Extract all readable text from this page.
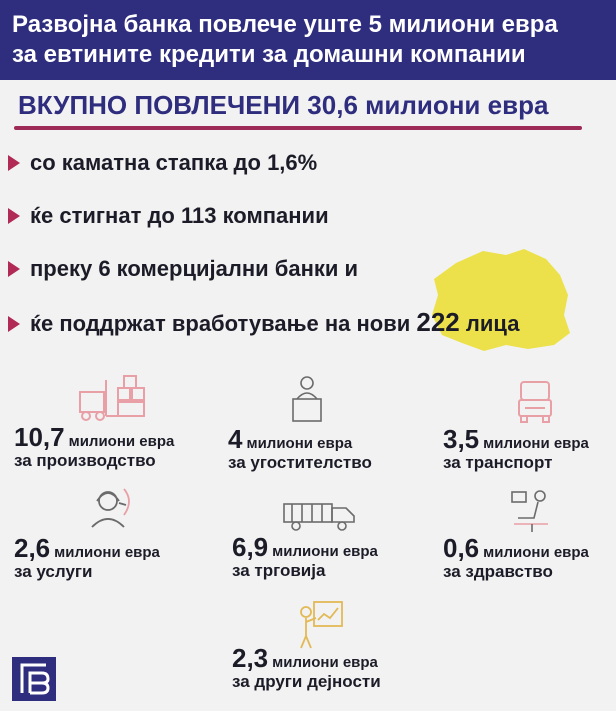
Развојна банка повлече уште 5 милиони евра
за евтините кредити за домашни компании
ВКУПНО ПОВЛЕЧЕНИ 30,6 милиони евра
со каматна стапка до 1,6%
ќе стигнат до 113 компании
преку 6 комерцијални банки и
ќе поддржат вработување на нови 222 лица
10,7 милиони евра
за производство
4 милиони евра
за угостителство
3,5 милиони евра
за транспорт
2,6 милиони евра
за услуги
6,9 милиони евра
за трговија
0,6 милиони евра
за здравство
2,3 милиони евра
за други дејности
